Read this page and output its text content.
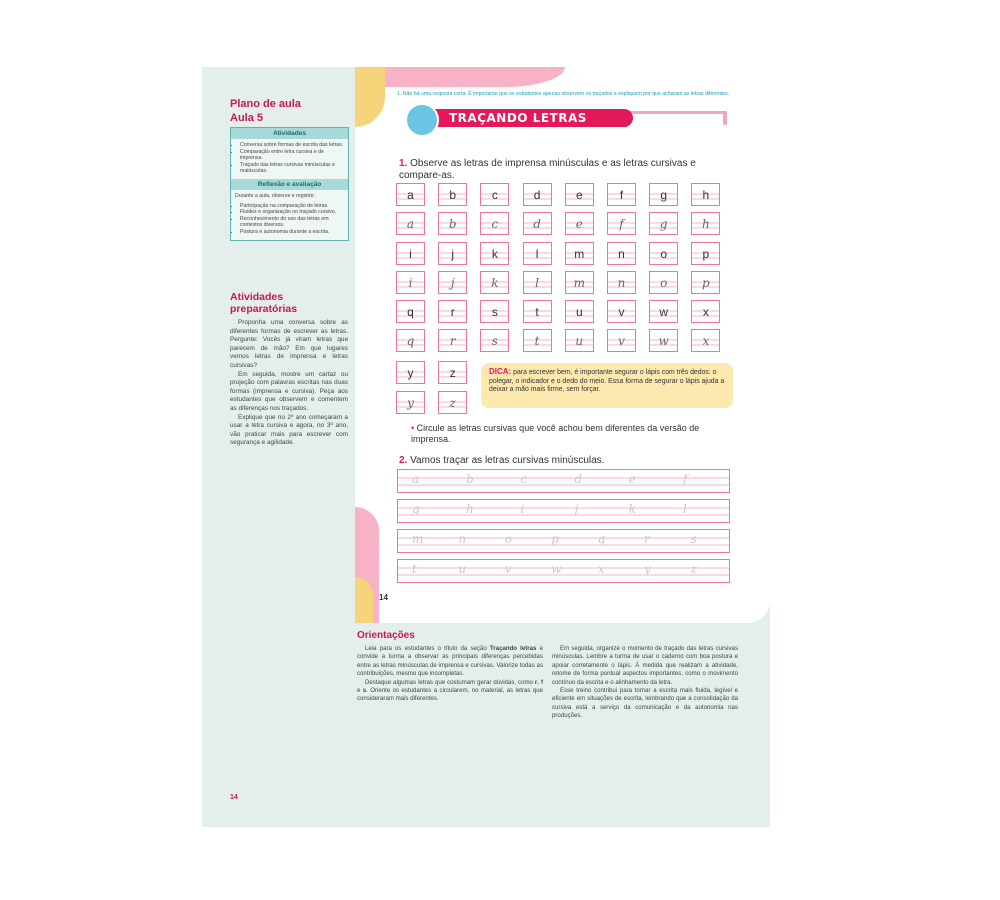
Plano de aula
Aula 5
Atividades
• Conversa sobre formas de escrita das letras.
• Comparação entre letra cursiva e de imprensa.
• Traçado das letras cursivas minúsculas e maiúsculas.
Reflexão e avaliação
Durante a aula, observe e registre:
• Participação na comparação de letras.
• Fluidez e organização no traçado cursivo.
• Reconhecimento do uso das letras em contextos diversos.
• Postura e autonomia durante a escrita.
Atividades preparatórias

Proponha uma conversa sobre as diferentes formas de escrever as letras. Pergunte: Vocês já viram letras que parecem de mão? Em que lugares vemos letras de imprensa e letras cursivas?

Em seguida, mostre um cartaz ou projeção com palavras escritas nas duas formas (imprensa e cursiva). Peça aos estudantes que observem e comentem as diferenças nos traçados.

Explique que no 2º ano começaram a usar a letra cursiva e agora, no 3º ano, vão praticar mais para escrever com segurança e agilidade.

14
1. Não há uma resposta certa. É importante que os estudantes apenas observem os traçados e expliquem por que acharam as letras diferentes.
TRAÇANDO LETRAS
1. Observe as letras de imprensa minúsculas e as letras cursivas e compare-as.
a	b	c	d	e	f	g	h
a	b	c	d	e	f	g	h
i	j	k	l	m	n	o	p
i	j	k	l	m	n	o	p
q	r	s	t	u	v	w	x
q	r	s	t	u	v	w	x
y	z
y	z
DICA: para escrever bem, é importante segurar o lápis com três dedos: o polegar, o indicador e o dedo do meio. Essa forma de segurar o lápis ajuda a deixar a mão mais firme, sem forçar.
• Circule as letras cursivas que você achou bem diferentes da versão de imprensa.
2. Vamos traçar as letras cursivas minúsculas.
a	b	c	d	e	f
g	h	i	j	k	l
m	n	o	p	q	r	s
t	u	v	w	x	y	z
14
Orientações

Leia para os estudantes o título da seção Traçando letras e convide a turma a observar as principais diferenças percebidas entre as letras minúsculas de imprensa e cursivas. Valorize todas as contribuições, mesmo que incompletas.

Destaque algumas letras que costumam gerar dúvidas, como r, f e s. Oriente os estudantes a circularem, no material, as letras que consideraram mais diferentes.

Em seguida, organize o momento de traçado das letras cursivas minúsculas. Lembre a turma de usar o caderno com boa postura e apoiar corretamente o lápis. À medida que realizam a atividade, retome de forma pontual aspectos importantes, como o movimento contínuo da escrita e o alinhamento da letra.

Esse treino contribui para tornar a escrita mais fluida, legível e eficiente em situações de escrita, lembrando que a consolidação da cursiva está a serviço da comunicação e da autonomia nas produções.
